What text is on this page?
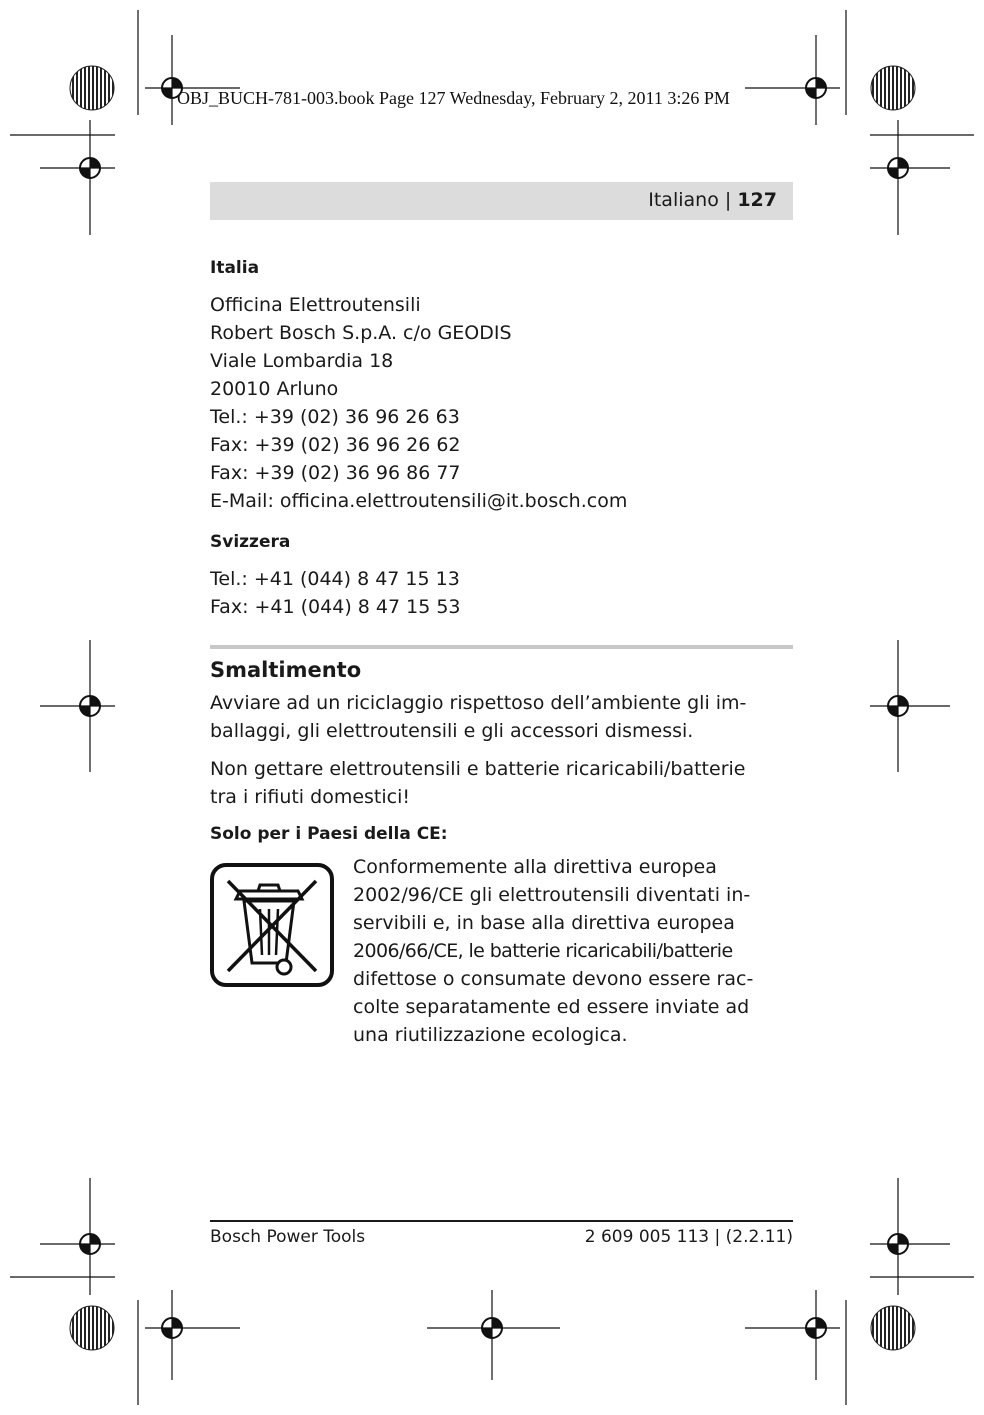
OBJ_BUCH-781-003.book Page 127 Wednesday, February 2, 2011 3:26 PM
Italiano | 127
Italia
Officina Elettroutensili
Robert Bosch S.p.A. c/o GEODIS
Viale Lombardia 18
20010 Arluno
Tel.: +39 (02) 36 96 26 63
Fax: +39 (02) 36 96 26 62
Fax: +39 (02) 36 96 86 77
E-Mail: officina.elettroutensili@it.bosch.com
Svizzera
Tel.: +41 (044) 8 47 15 13
Fax: +41 (044) 8 47 15 53
Smaltimento
Avviare ad un riciclaggio rispettoso dell’ambiente gli im-
ballaggi, gli elettroutensili e gli accessori dismessi.
Non gettare elettroutensili e batterie ricaricabili/batterie
tra i rifiuti domestici!
Solo per i Paesi della CE:
Conformemente alla direttiva europea
2002/96/CE gli elettroutensili diventati in-
servibili e, in base alla direttiva europea
2006/66/CE, le batterie ricaricabili/batterie
difettose o consumate devono essere rac-
colte separatamente ed essere inviate ad
una riutilizzazione ecologica.
Bosch Power Tools	2 609 005 113 | (2.2.11)
